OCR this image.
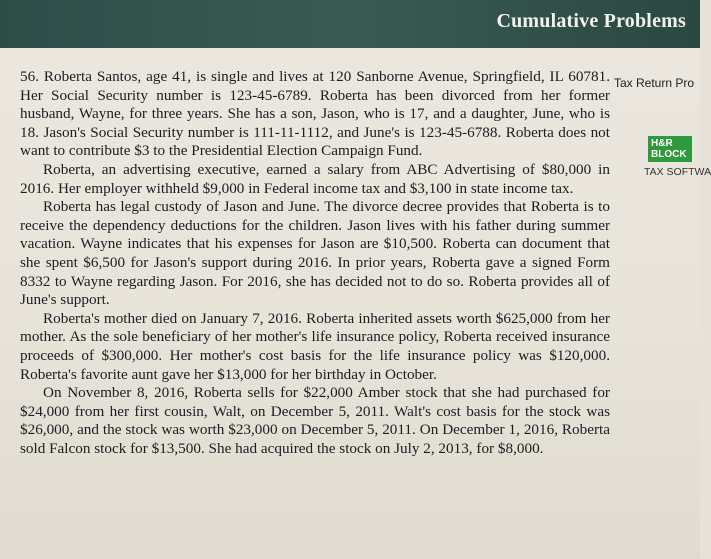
Cumulative Problems

56. Roberta Santos, age 41, is single and lives at 120 Sanborne Avenue, Springfield, IL 60781. Her Social Security number is 123-45-6789. Roberta has been divorced from her former husband, Wayne, for three years. She has a son, Jason, who is 17, and a daughter, June, who is 18. Jason's Social Security number is 111-11-1112, and June's is 123-45-6788. Roberta does not want to contribute $3 to the Presidential Election Campaign Fund.

Roberta, an advertising executive, earned a salary from ABC Advertising of $80,000 in 2016. Her employer withheld $9,000 in Federal income tax and $3,100 in state income tax.

Roberta has legal custody of Jason and June. The divorce decree provides that Roberta is to receive the dependency deductions for the children. Jason lives with his father during summer vacation. Wayne indicates that his expenses for Jason are $10,500. Roberta can document that she spent $6,500 for Jason's support during 2016. In prior years, Roberta gave a signed Form 8332 to Wayne regarding Jason. For 2016, she has decided not to do so. Roberta provides all of June's support.

Roberta's mother died on January 7, 2016. Roberta inherited assets worth $625,000 from her mother. As the sole beneficiary of her mother's life insurance policy, Roberta received insurance proceeds of $300,000. Her mother's cost basis for the life insurance policy was $120,000. Roberta's favorite aunt gave her $13,000 for her birthday in October.

On November 8, 2016, Roberta sells for $22,000 Amber stock that she had purchased for $24,000 from her first cousin, Walt, on December 5, 2011. Walt's cost basis for the stock was $26,000, and the stock was worth $23,000 on December 5, 2011. On December 1, 2016, Roberta sold Falcon stock for $13,500. She had acquired the stock on July 2, 2013, for $8,000.

Tax Return Pro
H&R
BLOCK
TAX SOFTWA
